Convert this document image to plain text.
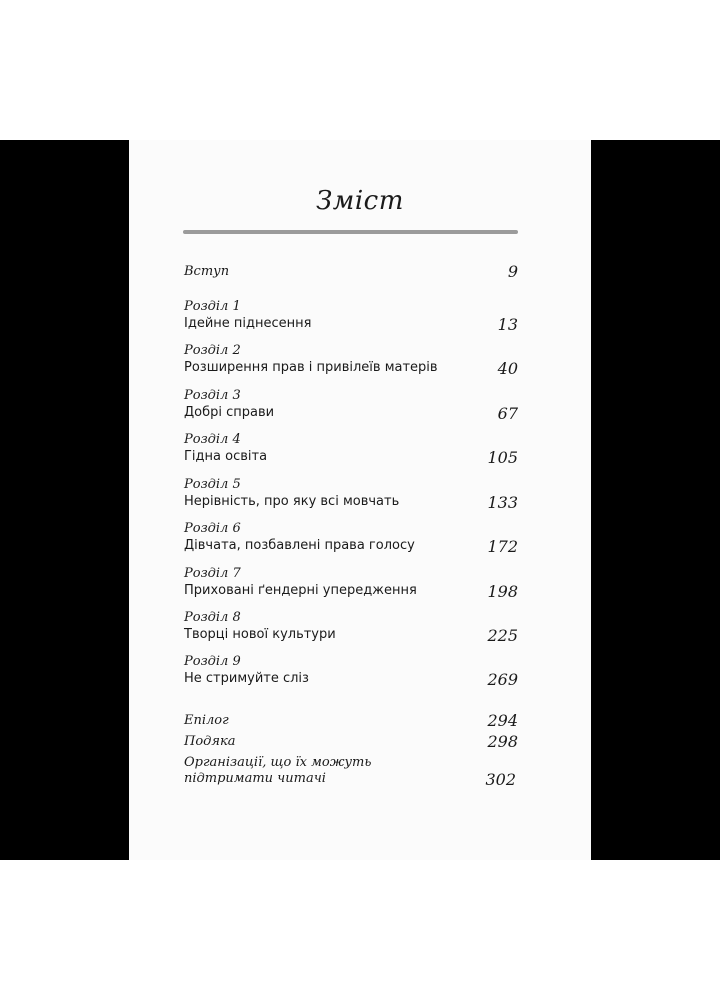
Зміст
Вступ	9
Розділ 1
Ідейне піднесення	13
Розділ 2
Розширення прав і привілеїв матерів	40
Розділ 3
Добрі справи	67
Розділ 4
Гідна освіта	105
Розділ 5
Нерівність, про яку всі мовчать	133
Розділ 6
Дівчата, позбавлені права голосу	172
Розділ 7
Приховані ґендерні упередження	198
Розділ 8
Творці нової культури	225
Розділ 9
Не стримуйте сліз	269
Епілог	294
Подяка	298
Організації, що їх можуть
підтримати читачі	302
